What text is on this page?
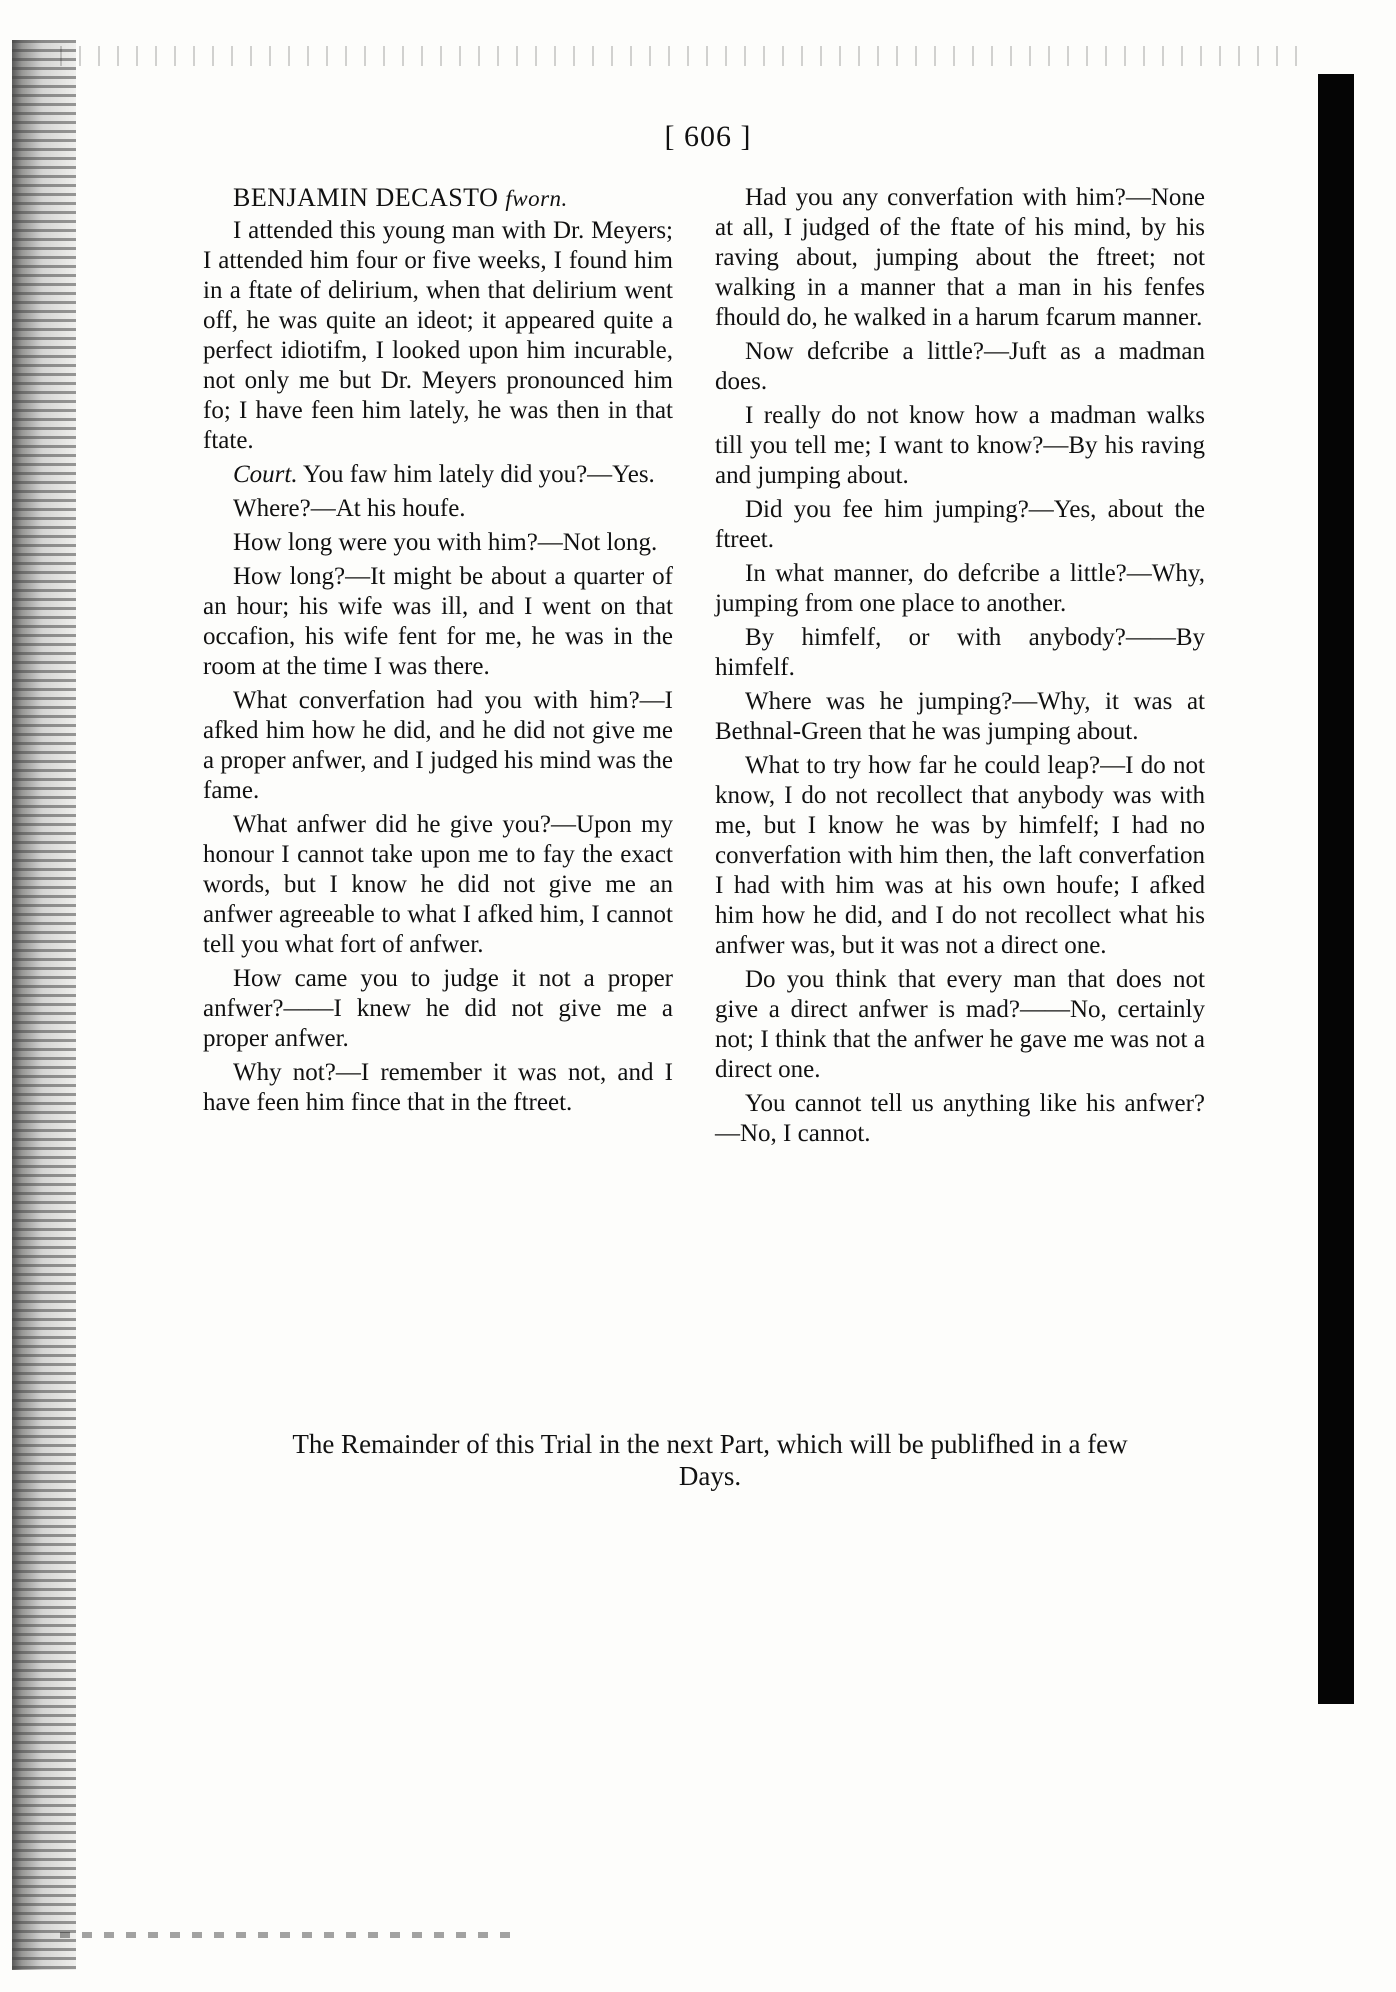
[ 606 ]
BENJAMIN DECASTO fworn.

I attended this young man with Dr. Meyers; I attended him four or five weeks, I found him in a ftate of delirium, when that delirium went off, he was quite an ideot; it appeared quite a perfect idiotifm, I looked upon him incurable, not only me but Dr. Meyers pronounced him fo; I have feen him lately, he was then in that ftate.

Court. You faw him lately did you?—Yes.

Where?—At his houfe.

How long were you with him?—Not long.

How long?—It might be about a quarter of an hour; his wife was ill, and I went on that occafion, his wife fent for me, he was in the room at the time I was there.

What converfation had you with him?—I afked him how he did, and he did not give me a proper anfwer, and I judged his mind was the fame.

What anfwer did he give you?—Upon my honour I cannot take upon me to fay the exact words, but I know he did not give me an anfwer agreeable to what I afked him, I cannot tell you what fort of anfwer.

How came you to judge it not a proper anfwer?——I knew he did not give me a proper anfwer.

Why not?—I remember it was not, and I have feen him fince that in the ftreet.

Had you any converfation with him?—None at all, I judged of the ftate of his mind, by his raving about, jumping about the ftreet; not walking in a manner that a man in his fenfes fhould do, he walked in a harum fcarum manner.

Now defcribe a little?—Juft as a madman does.

I really do not know how a madman walks till you tell me; I want to know?—By his raving and jumping about.

Did you fee him jumping?—Yes, about the ftreet.

In what manner, do defcribe a little?—Why, jumping from one place to another.

By himfelf, or with anybody?——By himfelf.

Where was he jumping?—Why, it was at Bethnal-Green that he was jumping about.

What to try how far he could leap?—I do not know, I do not recollect that anybody was with me, but I know he was by himfelf; I had no converfation with him then, the laft converfation I had with him was at his own houfe; I afked him how he did, and I do not recollect what his anfwer was, but it was not a direct one.

Do you think that every man that does not give a direct anfwer is mad?——No, certainly not; I think that the anfwer he gave me was not a direct one.

You cannot tell us anything like his anfwer?—No, I cannot.

The Remainder of this Trial in the next Part, which will be publifhed in a few Days.
